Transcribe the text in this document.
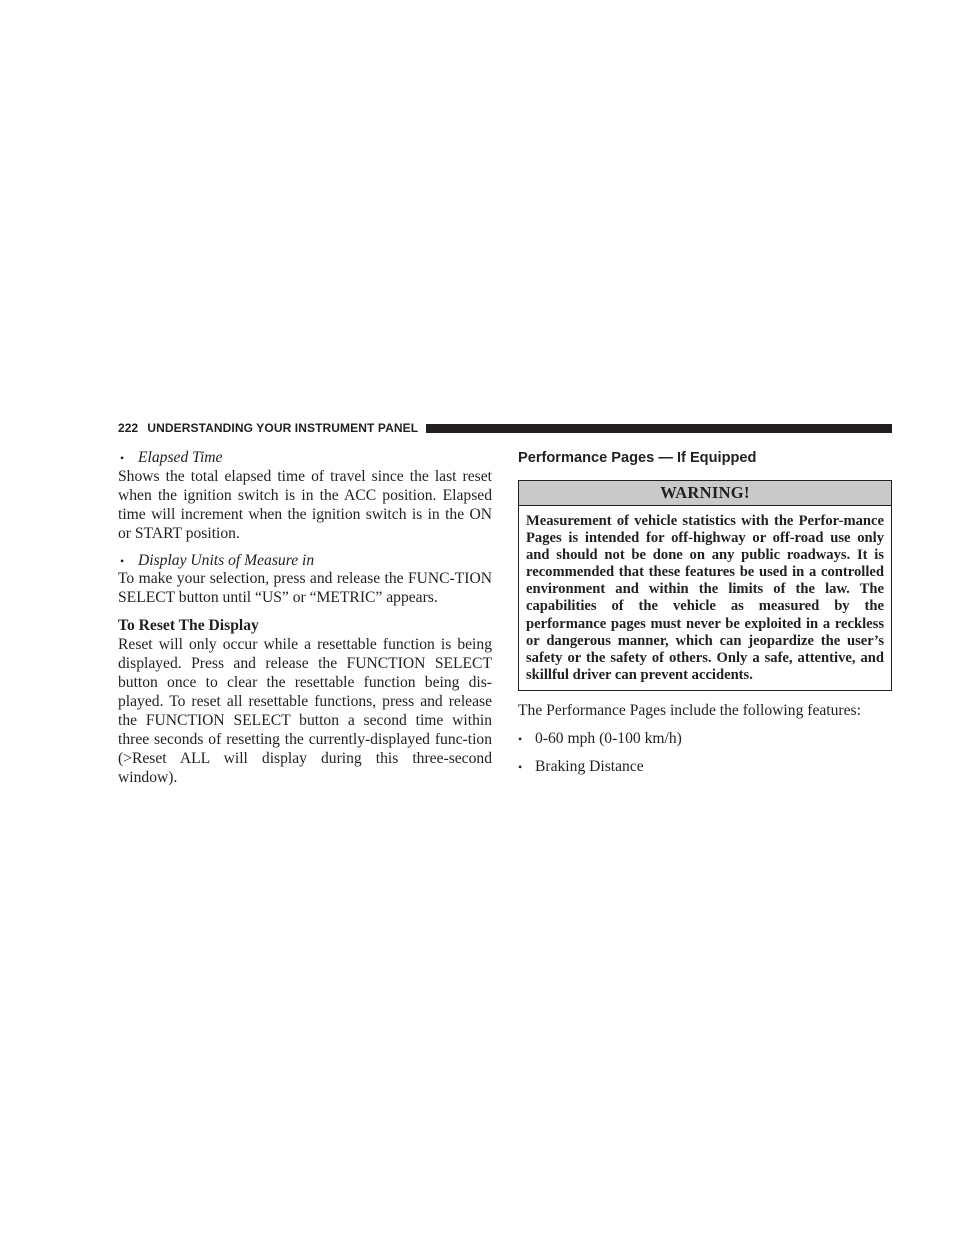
222 UNDERSTANDING YOUR INSTRUMENT PANEL
• Elapsed Time

Shows the total elapsed time of travel since the last reset when the ignition switch is in the ACC position. Elapsed time will increment when the ignition switch is in the ON or START position.

• Display Units of Measure in

To make your selection, press and release the FUNC-TION SELECT button until “US” or “METRIC” appears.

To Reset The Display

Reset will only occur while a resettable function is being displayed. Press and release the FUNCTION SELECT button once to clear the resettable function being dis-played. To reset all resettable functions, press and release the FUNCTION SELECT button a second time within three seconds of resetting the currently-displayed func-tion (>Reset ALL will display during this three-second window).

Performance Pages — If Equipped
WARNING!
Measurement of vehicle statistics with the Perfor-mance Pages is intended for off-highway or off-road use only and should not be done on any public roadways. It is recommended that these features be used in a controlled environment and within the limits of the law. The capabilities of the vehicle as measured by the performance pages must never be exploited in a reckless or dangerous manner, which can jeopardize the user’s safety or the safety of others. Only a safe, attentive, and skillful driver can prevent accidents.

The Performance Pages include the following features:

• 0-60 mph (0-100 km/h)
• Braking Distance
